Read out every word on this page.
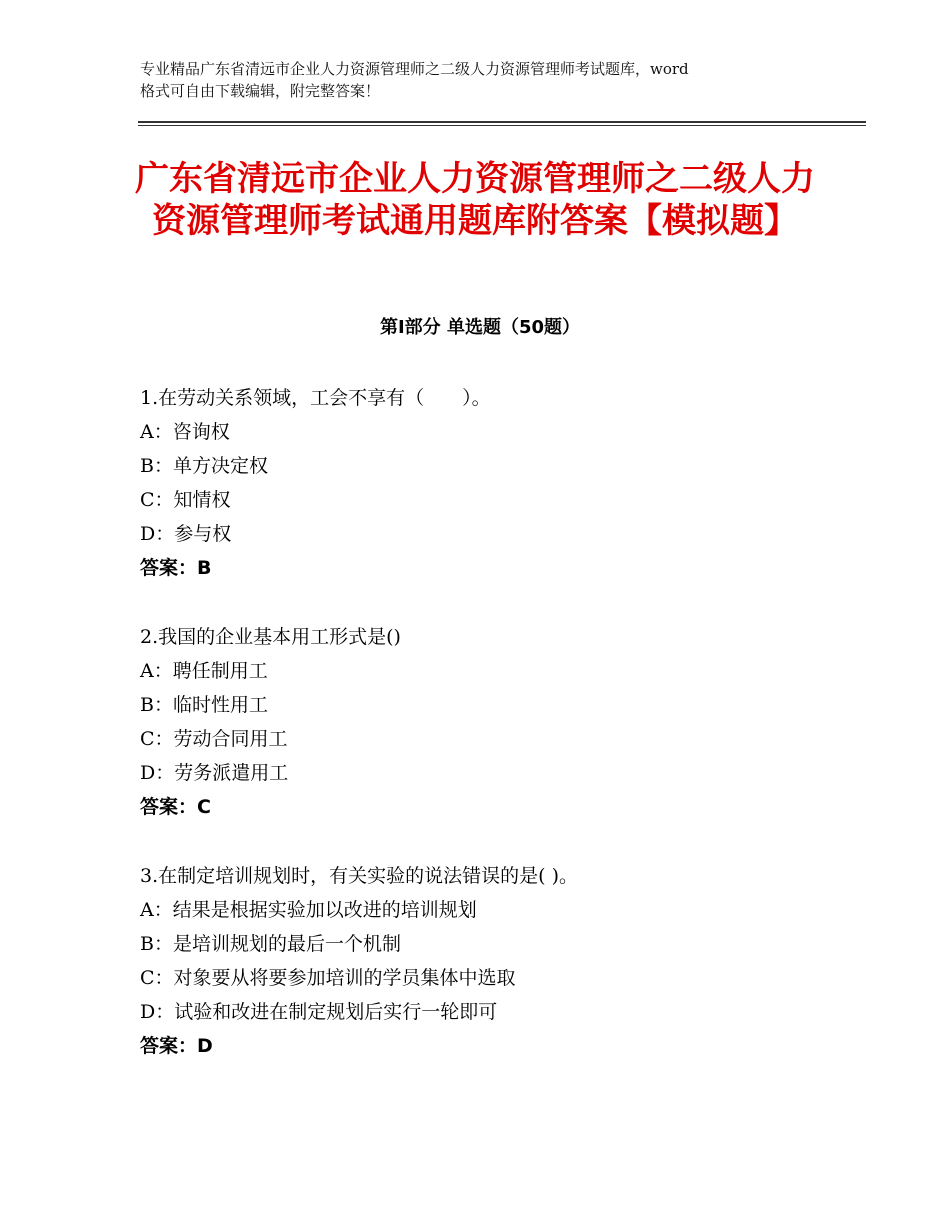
专业精品广东省清远市企业人力资源管理师之二级人力资源管理师考试题库，word
格式可自由下载编辑，附完整答案！
广东省清远市企业人力资源管理师之二级人力资源管理师考试通用题库附答案【模拟题】
第Ⅰ部分 单选题（50题）
1.在劳动关系领域，工会不享有（　　）。
A：咨询权
B：单方决定权
C：知情权
D：参与权
答案：B
2.我国的企业基本用工形式是()
A：聘任制用工
B：临时性用工
C：劳动合同用工
D：劳务派遣用工
答案：C
3.在制定培训规划时，有关实验的说法错误的是( )。
A：结果是根据实验加以改进的培训规划
B：是培训规划的最后一个机制
C：对象要从将要参加培训的学员集体中选取
D：试验和改进在制定规划后实行一轮即可
答案：D
